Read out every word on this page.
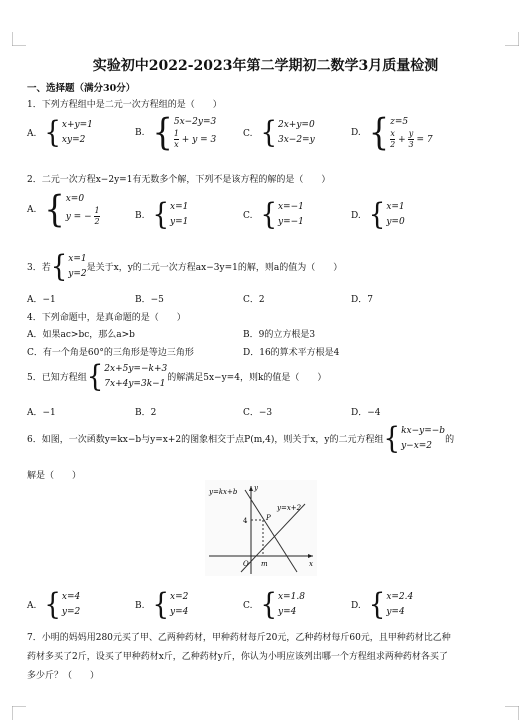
实验初中2022-2023年第二学期初二数学3月质量检测
一、选择题（满分30分）
1．下列方程组中是二元一次方程组的是（　　）
A. { x+y=1
xy=2
B. { 5x−2y=3
$\frac{1}{x} + y = 3$
C. { 2x+y=0
3x−2=y
D. { z=5
$\frac{x}{2} + \frac{y}{3} = 7$
2．二元一次方程x−2y=1有无数多个解，下列不是该方程的解的是（　　）
A. { x=0
y = − $\frac{1}{2}$	B. { x=1
y=1
C. { x=−1
y=−1
D. { x=1
y=0
3．若 { x=1
y=2
是关于x，y的二元一次方程ax−3y=1的解，则a的值为（　　）
A．−1	B．−5	C．2	D．7
4．下列命题中，是真命题的是（　　）
A．如果ac>bc，那么a>b	B．9的立方根是3
C．有一个角是60°的三角形是等边三角形	D．16的算术平方根是4
5．已知方程组 { 2x+5y=−k+3
7x+4y=3k−1
的解满足5x−y=4，则k的值是（　　）
A．−1	B．2	C．−3	D．−4
6．如图，一次函数y=kx−b与y=x+2的图象相交于点P(m,4)，则关于x，y的二元方程组 { kx−y=−b
y−x=2
的
解是（　　）
y=kx+b
y=x+2
y
x
O
P
4
m
A. { x=4
y=2
B. { x=2
y=4
C. { x=1.8
y=4
D. { x=2.4
y=4
7．小明的妈妈用280元买了甲、乙两种药材，甲种药材每斤20元，乙种药材每斤60元，且甲种药材比乙种
药材多买了2斤，设买了甲种药材x斤，乙种药材y斤，你认为小明应该列出哪一个方程组求两种药材各买了
多少斤？（　　）
